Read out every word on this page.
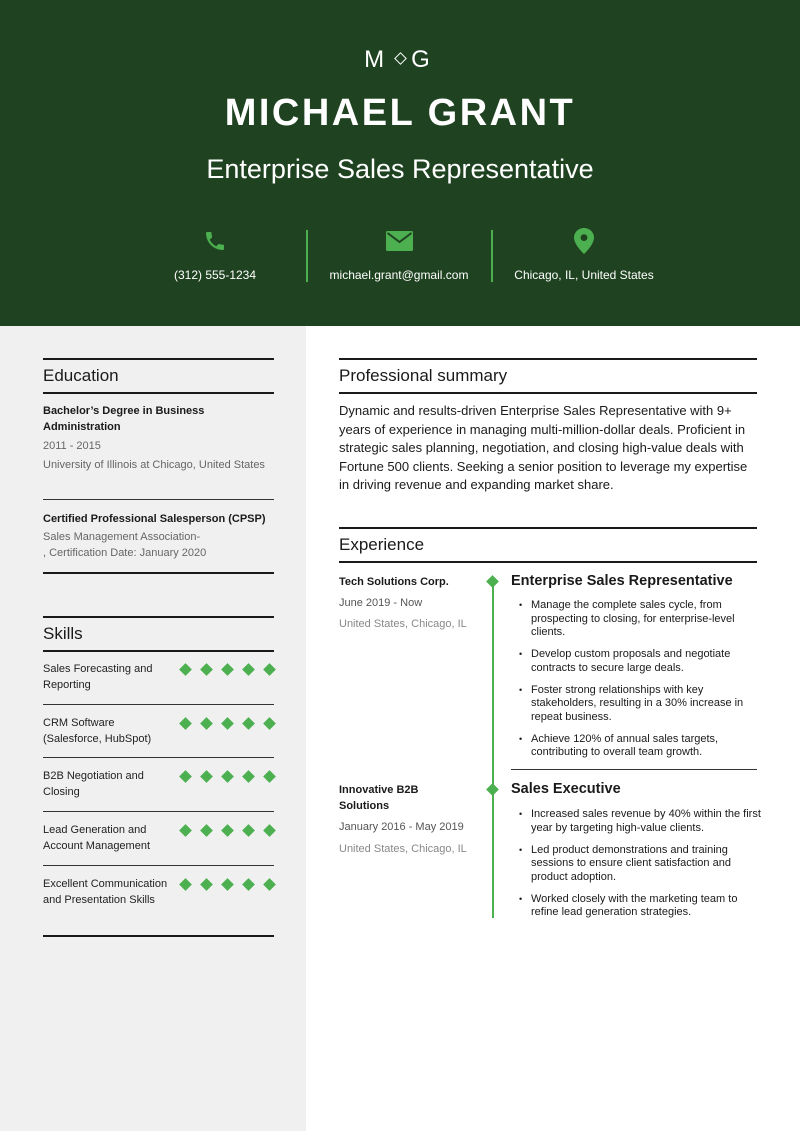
M G
MICHAEL GRANT
Enterprise Sales Representative
(312) 555-1234	michael.grant@gmail.com	Chicago, IL, United States
Education
Bachelor’s Degree in Business Administration
2011 - 2015
University of Illinois at Chicago, United States
Certified Professional Salesperson (CPSP)
Sales Management Association-
, Certification Date: January 2020
Skills
Sales Forecasting and Reporting
CRM Software (Salesforce, HubSpot)
B2B Negotiation and Closing
Lead Generation and Account Management
Excellent Communication and Presentation Skills
Professional summary
Dynamic and results-driven Enterprise Sales Representative with 9+ years of experience in managing multi-million-dollar deals. Proficient in strategic sales planning, negotiation, and closing high-value deals with Fortune 500 clients. Seeking a senior position to leverage my expertise in driving revenue and expanding market share.
Experience
Tech Solutions Corp.
June 2019 - Now
United States, Chicago, IL
Enterprise Sales Representative
• Manage the complete sales cycle, from prospecting to closing, for enterprise-level clients.
• Develop custom proposals and negotiate contracts to secure large deals.
• Foster strong relationships with key stakeholders, resulting in a 30% increase in repeat business.
• Achieve 120% of annual sales targets, contributing to overall team growth.
Innovative B2B Solutions
January 2016 - May 2019
United States, Chicago, IL
Sales Executive
• Increased sales revenue by 40% within the first year by targeting high-value clients.
• Led product demonstrations and training sessions to ensure client satisfaction and product adoption.
• Worked closely with the marketing team to refine lead generation strategies.
